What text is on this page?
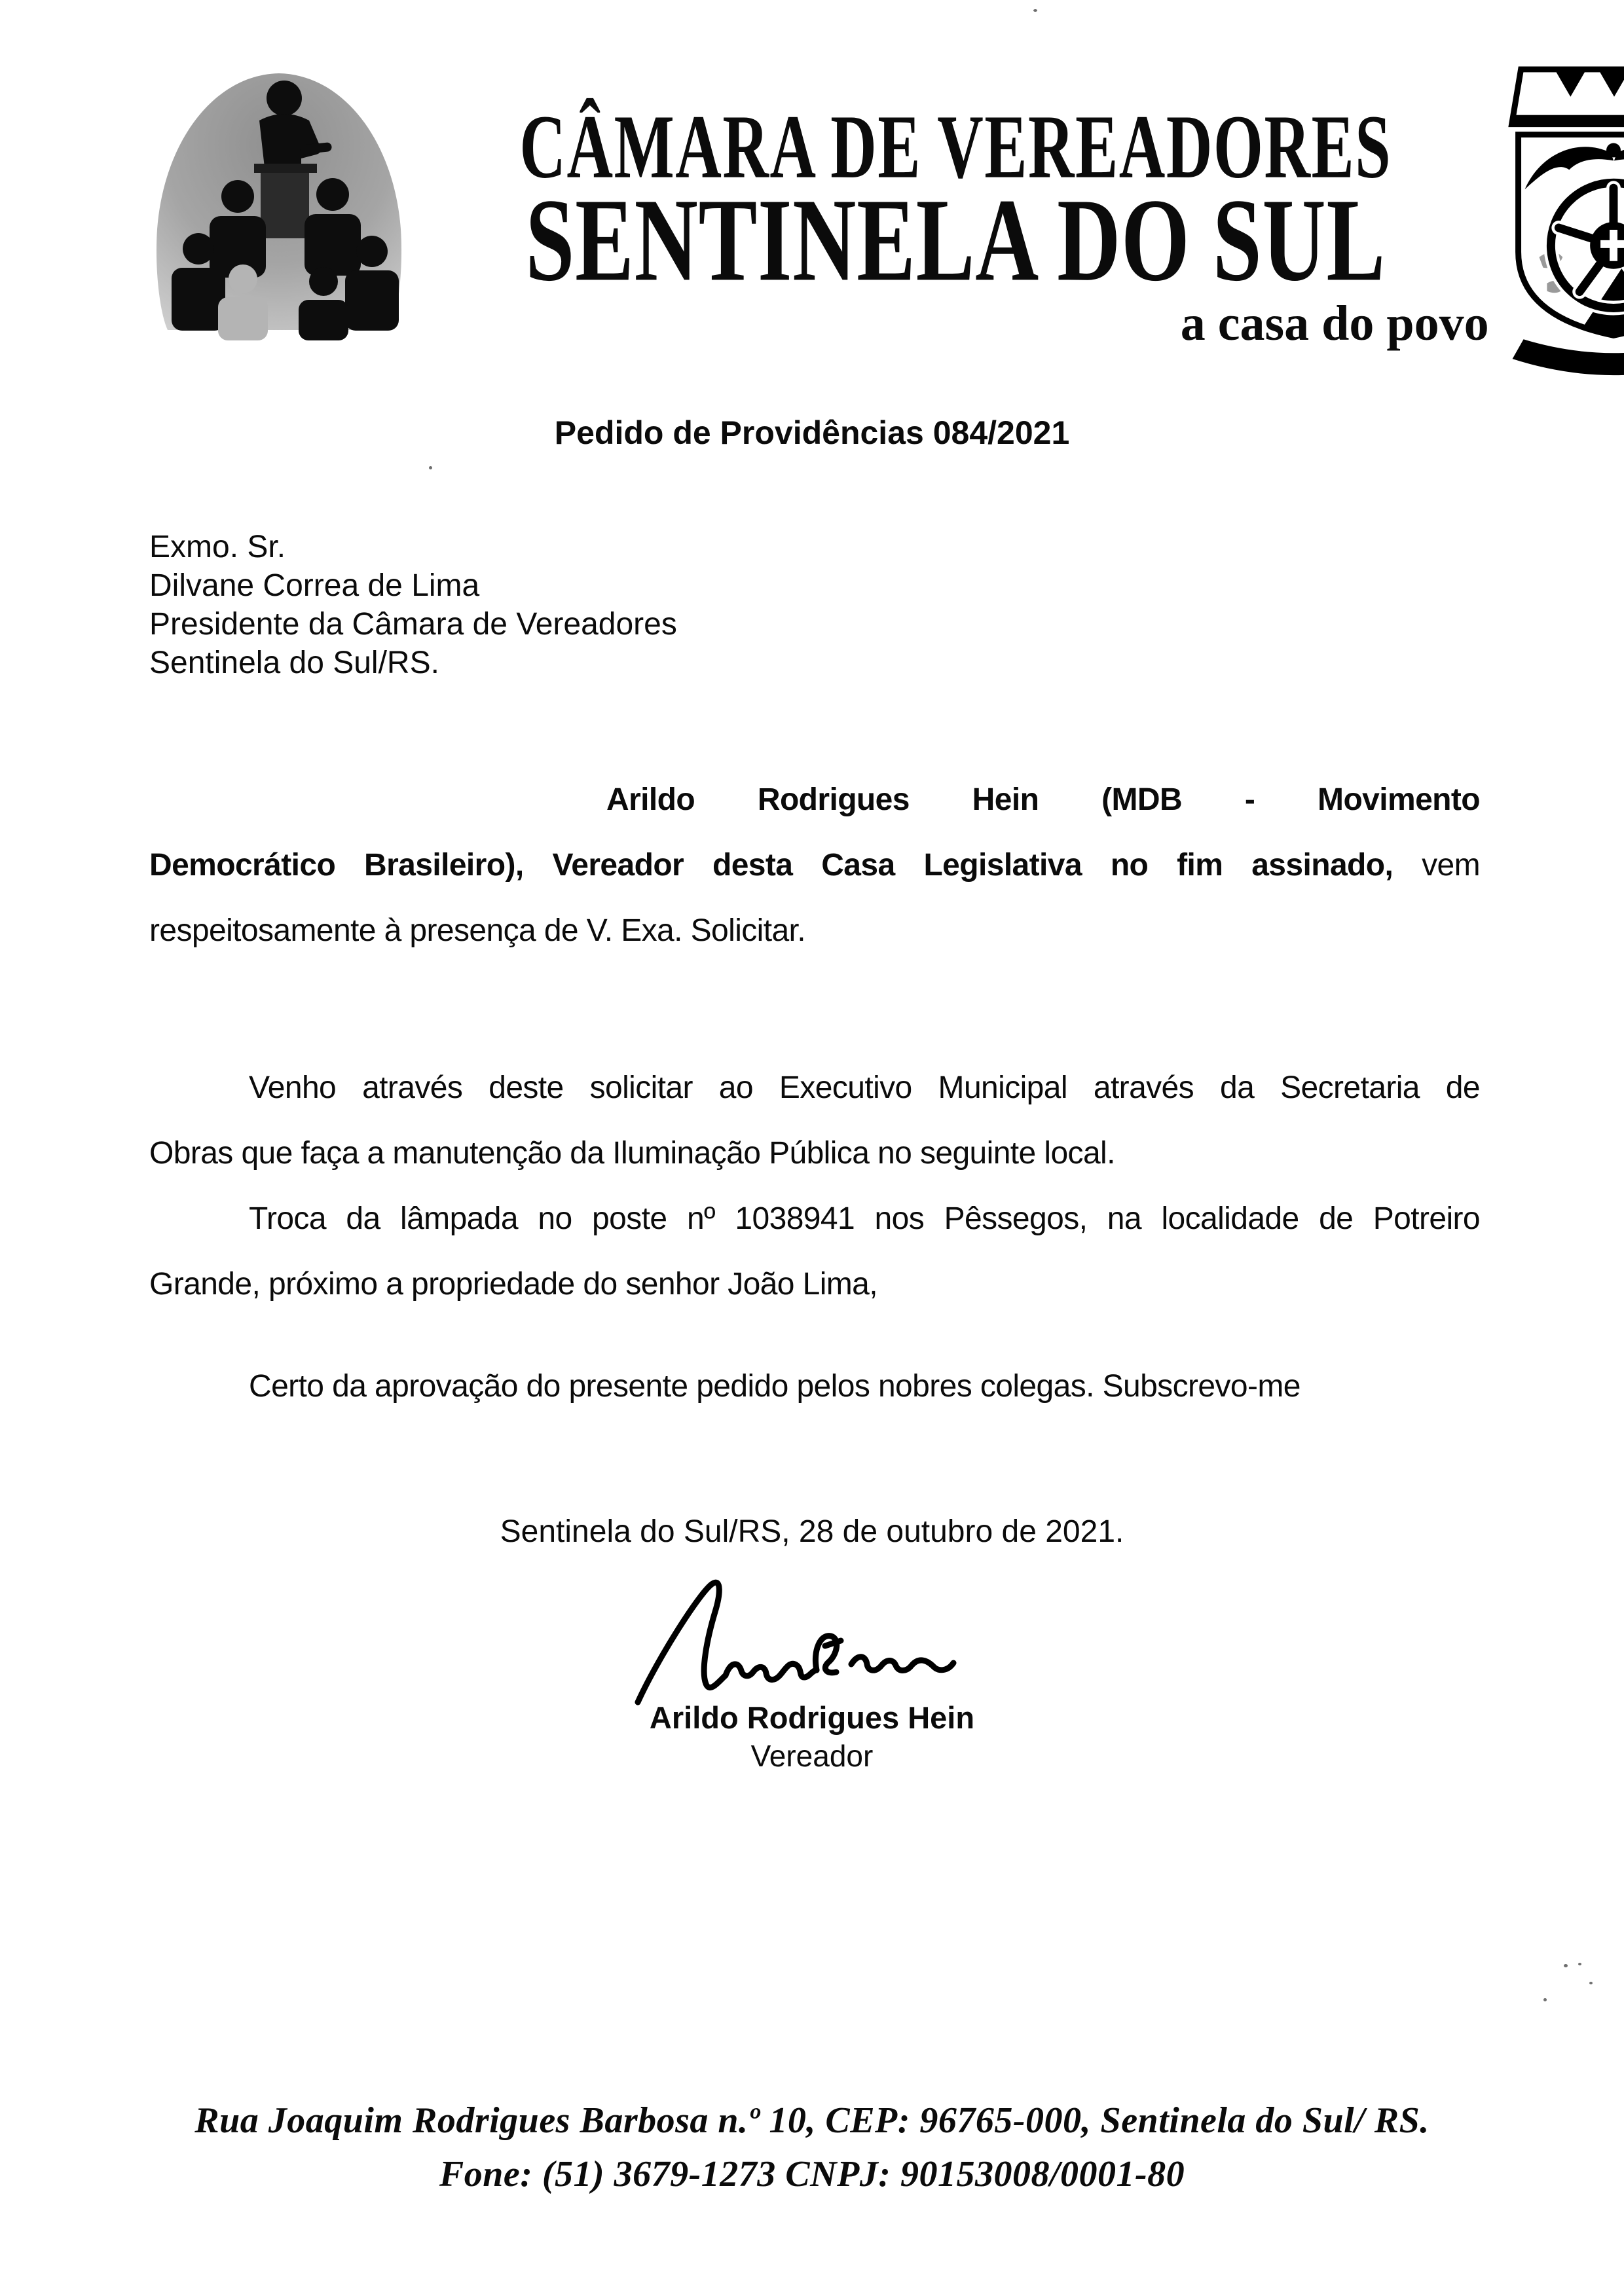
CÂMARA DE VEREADORES
SENTINELA DO SUL
a casa do povo
Pedido de Providências 084/2021
Exmo. Sr.
Dilvane Correa de Lima
Presidente da Câmara de Vereadores
Sentinela do Sul/RS.
Arildo Rodrigues Hein (MDB - Movimento
Democrático Brasileiro), Vereador desta Casa Legislativa no fim assinado, vem
respeitosamente à presença de V. Exa. Solicitar.
Venho através deste solicitar ao Executivo Municipal através da Secretaria de
Obras que faça a manutenção da Iluminação Pública no seguinte local.
Troca da lâmpada no poste nº 1038941 nos Pêssegos, na localidade de Potreiro
Grande, próximo a propriedade do senhor João Lima,
Certo da aprovação do presente pedido pelos nobres colegas. Subscrevo-me
Sentinela do Sul/RS, 28 de outubro de 2021.
Arildo Rodrigues Hein
Vereador
Rua Joaquim Rodrigues Barbosa n.º 10, CEP: 96765-000, Sentinela do Sul/ RS.
Fone: (51) 3679-1273 CNPJ: 90153008/0001-80
